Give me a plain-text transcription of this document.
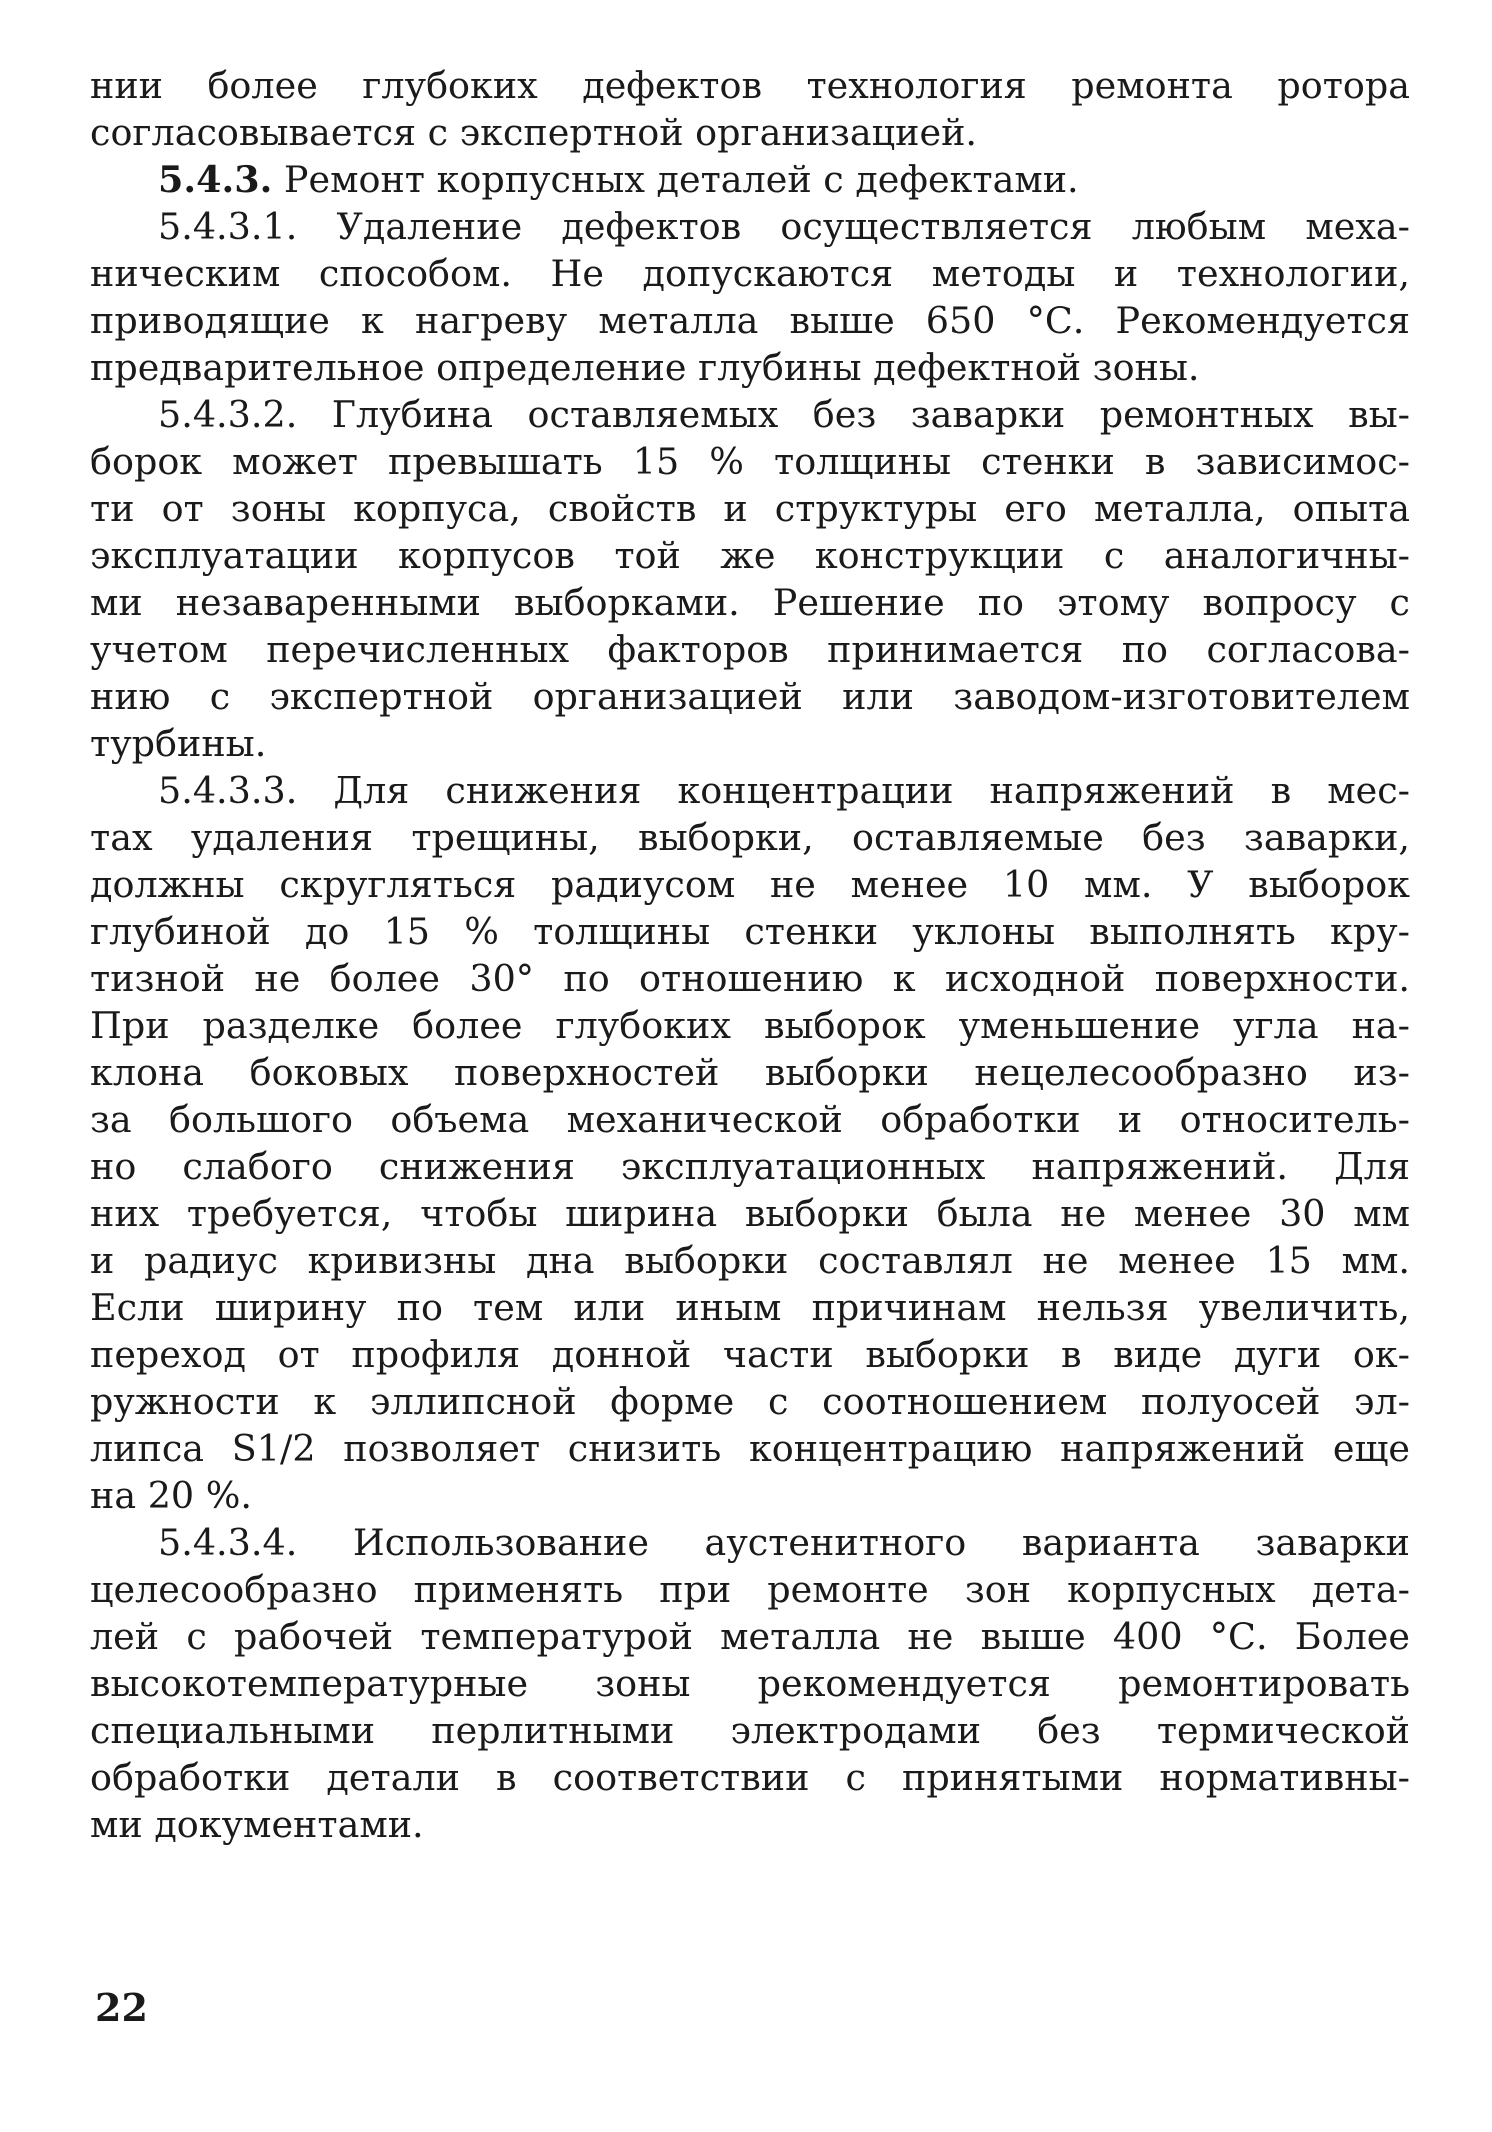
нии более глубоких дефектов технология ремонта ротора
согласовывается с экспертной организацией.
5.4.3. Ремонт корпусных деталей с дефектами.
5.4.3.1. Удаление дефектов осуществляется любым меха-
ническим способом. Не допускаются методы и технологии,
приводящие к нагреву металла выше 650 °С. Рекомендуется
предварительное определение глубины дефектной зоны.
5.4.3.2. Глубина оставляемых без заварки ремонтных вы-
борок может превышать 15 % толщины стенки в зависимос-
ти от зоны корпуса, свойств и структуры его металла, опыта
эксплуатации корпусов той же конструкции с аналогичны-
ми незаваренными выборками. Решение по этому вопросу с
учетом перечисленных факторов принимается по согласова-
нию с экспертной организацией или заводом-изготовителем
турбины.
5.4.3.3. Для снижения концентрации напряжений в мес-
тах удаления трещины, выборки, оставляемые без заварки,
должны скругляться радиусом не менее 10 мм. У выборок
глубиной до 15 % толщины стенки уклоны выполнять кру-
тизной не более 30° по отношению к исходной поверхности.
При разделке более глубоких выборок уменьшение угла на-
клона боковых поверхностей выборки нецелесообразно из-
за большого объема механической обработки и относитель-
но слабого снижения эксплуатационных напряжений. Для
них требуется, чтобы ширина выборки была не менее 30 мм
и радиус кривизны дна выборки составлял не менее 15 мм.
Если ширину по тем или иным причинам нельзя увеличить,
переход от профиля донной части выборки в виде дуги ок-
ружности к эллипсной форме с соотношением полуосей эл-
липса S1/2 позволяет снизить концентрацию напряжений еще
на 20 %.
5.4.3.4. Использование аустенитного варианта заварки
целесообразно применять при ремонте зон корпусных дета-
лей с рабочей температурой металла не выше 400 °С. Более
высокотемпературные зоны рекомендуется ремонтировать
специальными перлитными электродами без термической
обработки детали в соответствии с принятыми нормативны-
ми документами.
22
